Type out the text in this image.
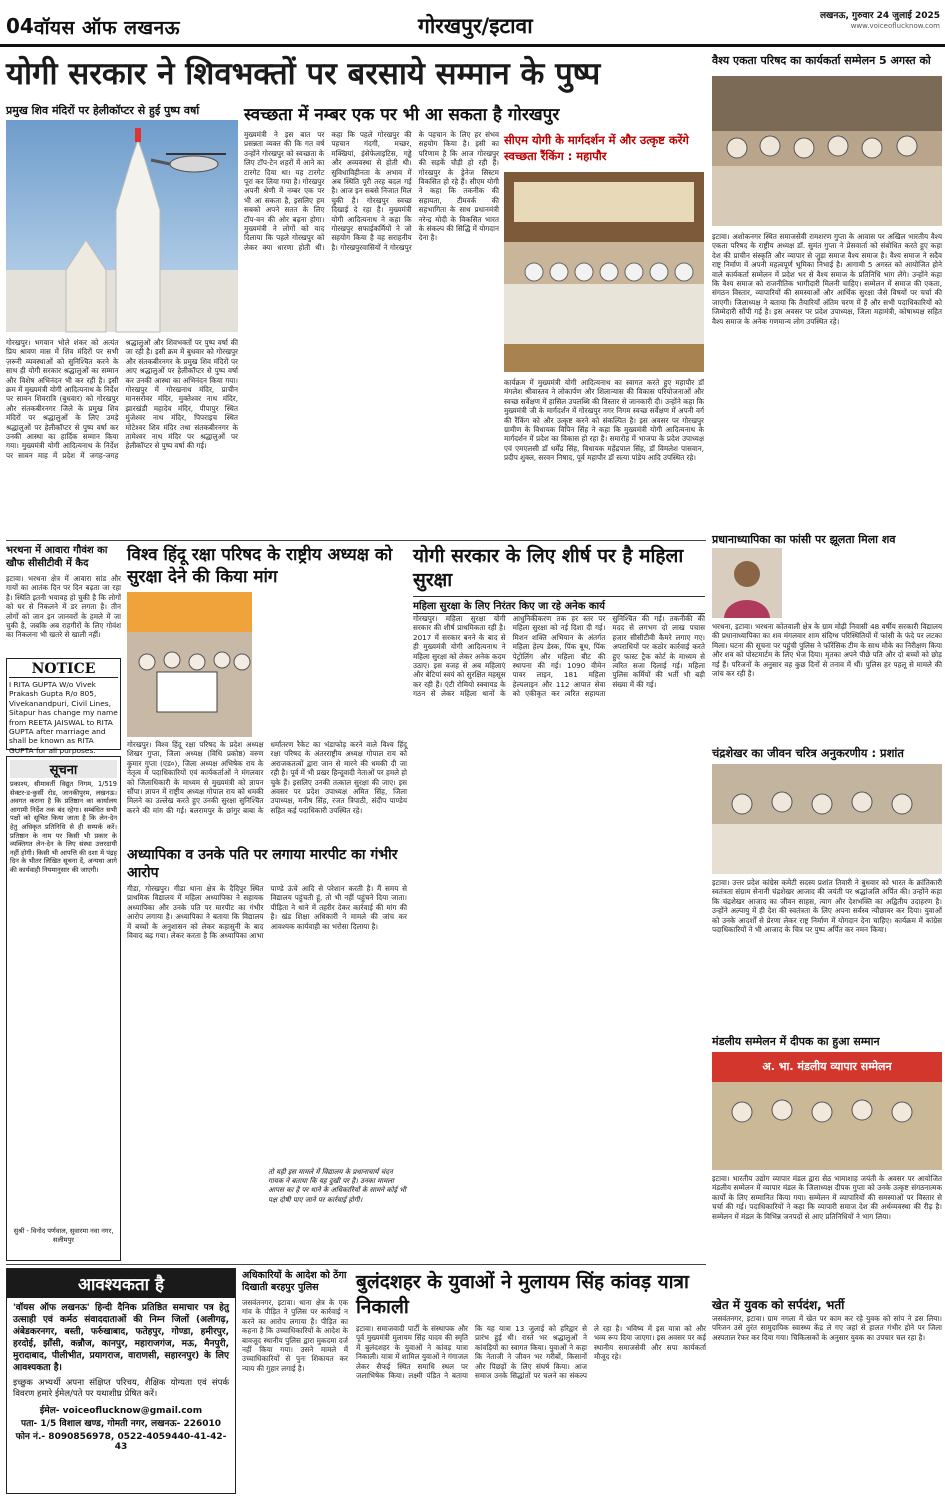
04 वॉयस ऑफ लखनऊ	गोरखपुर/इटावा	लखनऊ, गुरुवार 24 जुलाई 2025
www.voiceoflucknow.com
योगी सरकार ने शिवभक्तों पर बरसाये सम्मान के पुष्प
प्रमुख शिव मंदिरों पर हेलीकॉप्टर से हुई पुष्प वर्षा
गोरखपुर। भगवान भोले शंकर को अत्यंत प्रिय श्रावण मास में शिव मंदिरों पर सभी ज़रूरी व्यवस्थाओं को सुनिश्चित करने के साथ ही योगी सरकार श्रद्धालुओं का सम्मान और विशेष अभिनंदन भी कर रही है। इसी क्रम में मुख्यमंत्री योगी आदित्यनाथ के निर्देश पर सावन शिवरात्रि (बुधवार) को गोरखपुर और संतकबीरनगर जिले के प्रमुख शिव मंदिरों पर श्रद्धालुओं के लिए उमड़े श्रद्धालुओं पर हेलीकॉप्टर से पुष्प वर्षा कर उनकी आस्था का हार्दिक सम्मान किया गया। मुख्यमंत्री योगी आदित्यनाथ के निर्देश पर सावन माह में प्रदेश में जगह-जगह श्रद्धालुओं और शिवभक्तों पर पुष्प वर्षा की जा रही है। इसी क्रम में बुधवार को गोरखपुर और संतकबीरनगर के प्रमुख शिव मंदिरों पर आए श्रद्धालुओं पर हेलीकॉप्टर से पुष्प वर्षा कर उनकी आस्था का अभिनंदन किया गया। गोरखपुर में गोरखनाथ मंदिर, प्राचीन मानसरोवर मंदिर, मुक्तेश्वर नाथ मंदिर, झारखंडी महादेव मंदिर, पीपापुर स्थित मुंजेश्वर नाथ मंदिर, पिपराइच स्थित मोटेश्वर शिव मंदिर तथा संतकबीरनगर के तामेश्वर नाथ मंदिर पर श्रद्धालुओं पर हेलीकॉप्टर से पुष्प वर्षा की गई।
स्वच्छता में नम्बर एक पर भी आ सकता है गोरखपुर
मुख्यमंत्री ने इस बात पर प्रसन्नता व्यक्त की कि गत वर्ष उन्होंने गोरखपुर को स्वच्छता के लिए टॉप-टेन शहरों में आने का टारगेट दिया था। यह टारगेट पूरा कर लिया गया है। गोरखपुर अपनी श्रेणी में नम्बर एक पर भी आ सकता है, इसलिए हम सबको अपने सतत के लिए टॉप-वन की ओर बढ़ना होगा। मुख्यमंत्री ने लोगों को याद दिलाया कि पहले गोरखपुर को लेकर क्या धारणा होती थी। कहा कि पहले गोरखपुर की पहचान गंदगी, मच्छर, मक्खियां, इंसेफेलाइटिस, गड्ढे और अव्यवस्था से होती थी। सुविधाविहीनता के अभाव में अब स्थिति पूरी तरह बदल गई है। आज इन सबसे निजात मिल चुकी है। गोरखपुर स्वच्छ दिखाई दे रहा है। मुख्यमंत्री योगी आदित्यनाथ ने कहा कि गोरखपुर सफाईकर्मियों ने जो सहयोग किया है वह सराहनीय है। गोरखपुरवासियों ने गोरखपुर के पहचान के लिए हर संभव सहयोग किया है। इसी का परिणाम है कि आज गोरखपुर की सड़कें चौड़ी हो रही हैं। गोरखपुर के ड्रेनेज सिस्टम विकसित हो रहे हैं। सीएम योगी ने कहा कि तकनीक की सहायता, टीमवर्क की सहभागिता के साथ प्रधानमंत्री नरेन्द्र मोदी के विकसित भारत के संकल्प की सिद्धि में योगदान देना है।
सीएम योगी के मार्गदर्शन में और उत्कृष्ट करेंगे स्वच्छता रैंकिंग : महापौर
कार्यक्रम में मुख्यमंत्री योगी आदित्यनाथ का स्वागत करते हुए महापौर डॉ मंगलेश श्रीवास्तव ने लोकार्पण और शिलान्यास की विकास परियोजनाओं और स्वच्छ सर्वेक्षण में हासिल उपलब्धि की विस्तार से जानकारी दी। उन्होंने कहा कि मुख्यमंत्री जी के मार्गदर्शन में गोरखपुर नगर निगम स्वच्छ सर्वेक्षण में अपनी वर्ग की रैंकिंग को और उत्कृष्ट करने को संकल्पित है। इस अवसर पर गोरखपुर ग्रामीण के विधायक विपिन सिंह ने कहा कि मुख्यमंत्री योगी आदित्यनाथ के मार्गदर्शन में प्रदेश का विकास हो रहा है। समारोह में भाजपा के प्रदेश उपाध्यक्ष एवं एमएलसी डॉ धर्मेंद्र सिंह, विधायक महेंद्रपाल सिंह, डॉ विमलेश पासवान, प्रदीप शुक्ल, सरवन निषाद, पूर्व महापौर डॉ सत्या पांडेय आदि उपस्थित रहे।
वैश्य एकता परिषद का कार्यकर्ता सम्मेलन 5 अगस्त को
इटावा। अशोकनगर स्थित समाजसेवी रामशरण गुप्ता के आवास पर अखिल भारतीय वैश्य एकता परिषद के राष्ट्रीय अध्यक्ष डॉ. सुमंत गुप्ता ने प्रेसवार्ता को संबोधित करते हुए कहा देश की प्राचीन संस्कृति और व्यापार से जुड़ा समाज वैश्य समाज है। वैश्य समाज ने सदैव राष्ट्र निर्माण में अपनी महत्वपूर्ण भूमिका निभाई है। आगामी 5 अगस्त को आयोजित होने वाले कार्यकर्ता सम्मेलन में प्रदेश भर से वैश्य समाज के प्रतिनिधि भाग लेंगे। उन्होंने कहा कि वैश्य समाज को राजनीतिक भागीदारी मिलनी चाहिए। सम्मेलन में समाज की एकता, संगठन विस्तार, व्यापारियों की समस्याओं और आर्थिक सुरक्षा जैसे विषयों पर चर्चा की जाएगी। जिलाध्यक्ष ने बताया कि तैयारियाँ अंतिम चरण में हैं और सभी पदाधिकारियों को जिम्मेदारी सौंपी गई है। इस अवसर पर प्रदेश उपाध्यक्ष, जिला महामंत्री, कोषाध्यक्ष सहित वैश्य समाज के अनेक गणमान्य लोग उपस्थित रहे।
भरथना में आवारा गौवंश का खौफ सीसीटीवी में कैद
इटावा। भरथना क्षेत्र में आवारा सांड और गायों का आतंक दिन पर दिन बढ़ता जा रहा है। स्थिति इतनी भयावह हो चुकी है कि लोगों को घर से निकलने में डर लगता है। तीन लोगों को जान इन जानवरों के हमले में जा चुकी है, जबकि अब राहगीरों के लिए गोवंश का निकलना भी खतरे से खाली नहीं।
NOTICE
I RITA GUPTA W/o Vivek Prakash Gupta R/o 805, Vivekanandpuri, Civil Lines, Sitapur has change my name from REETA JAISWAL to RITA GUPTA after marriage and shall be known as RITA GUPTA for all purposes.
सूचना
प्रकाश्य, सीमावर्ती विद्युत निगम, 1/519 सेक्टर-ड-कुर्सी रोड, जानकीपुरम, लखनऊ। अवगत कराना है कि प्रतिष्ठान का कार्यालय आगामी निर्देश तक बंद रहेगा। सम्बंधित सभी पक्षों को सूचित किया जाता है कि लेन-देन हेतु अधिकृत प्रतिनिधि से ही सम्पर्क करें। प्रतिष्ठान के नाम पर किसी भी प्रकार के व्यक्तिगत लेन-देन के लिए संस्था उत्तरदायी नहीं होगी। किसी भी आपत्ति की दशा में पंद्रह दिन के भीतर लिखित सूचना दें, अन्यथा आगे की कार्यवाही नियमानुसार की जाएगी।
सुश्री - विनोद पर्णवाल, सुवारमा नवा नगर, सलीमपुर
विश्व हिंदू रक्षा परिषद के राष्ट्रीय अध्यक्ष को सुरक्षा देने की किया मांग
गोरखपुर। विश्व हिंदू रक्षा परिषद के प्रदेश अध्यक्ष शिखर गुप्ता, जिला अध्यक्ष (विधि प्रकोष्ठ) वरुण कुमार गुप्ता (एड०), जिला अध्यक्ष अभिषेक राय के नेतृत्व में पदाधिकारियों एवं कार्यकर्ताओं ने मंगलवार को जिलाधिकारी के माध्यम से मुख्यमंत्री को ज्ञापन सौंपा। ज्ञापन में राष्ट्रीय अध्यक्ष गोपाल राय को धमकी मिलने का उल्लेख करते हुए उनकी सुरक्षा सुनिश्चित करने की मांग की गई। बलरामपुर के छांगुर बाबा के धर्मांतरण रैकेट का भंडाफोड़ करने वाले विश्व हिंदू रक्षा परिषद के अंतरराष्ट्रीय अध्यक्ष गोपाल राय को अराजकतत्वों द्वारा जान से मारने की धमकी दी जा रही है। पूर्व में भी प्रखर हिन्दूवादी नेताओं पर हमले हो चुके हैं। इसलिए उनकी तत्काल सुरक्षा की जाए। इस अवसर पर प्रदेश उपाध्यक्ष अमित सिंह, जिला उपाध्यक्ष, मनीष सिंह, रजत त्रिपाठी, संदीप पाण्डेय सहित कई पदाधिकारी उपस्थित रहे।
अध्यापिका व उनके पति पर लगाया मारपीट का गंभीर आरोप
गीडा, गोरखपुर। गीडा थाना क्षेत्र के दैदिपुर स्थित प्राथमिक विद्यालय में महिला अध्यापिका ने सहायक अध्यापिका और उनके पति पर मारपीट का गंभीर आरोप लगाया है। अध्यापिका ने बताया कि विद्यालय में बच्चों के अनुशासन को लेकर कहासुनी के बाद विवाद बढ़ गया। लेकर करता है कि अध्यापिका आभा पाण्डे ऊंचे आदि से परेशान करती है। मैं समय से विद्यालय पहुंचती हूं, तो भी नहीं पहुंचने दिया जाता। पीड़िता ने थाने में तहरीर देकर कार्रवाई की मांग की है। खंड शिक्षा अधिकारी ने मामले की जांच कर आवश्यक कार्यवाही का भरोसा दिलाया है।
तो यही इस मामले में विद्यालय के प्रधानाचार्य चंदन गायक ने बताया कि यह दुखी पर है। उनका मामला आपस का है पर थाने के अधिकारियों के सामने कोई भी पक्ष दोषी पाए जाने पर कार्रवाई होगी।
योगी सरकार के लिए शीर्ष पर है महिला सुरक्षा
महिला सुरक्षा के लिए निरंतर किए जा रहे अनेक कार्य
गोरखपुर। महिला सुरक्षा योगी सरकार की शीर्ष प्राथमिकता रही है। 2017 में सरकार बनने के बाद से ही मुख्यमंत्री योगी आदित्यनाथ ने महिला सुरक्षा को लेकर अनेक कदम उठाए। इस वजह से अब महिलाएं और बेटियां स्वयं को सुरक्षित महसूस कर रही हैं। एंटी रोमियो स्क्वायड के गठन से लेकर महिला थानों के आधुनिकीकरण तक हर स्तर पर महिला सुरक्षा को नई दिशा दी गई। मिशन शक्ति अभियान के अंतर्गत महिला हेल्प डेस्क, पिंक बूथ, पिंक पेट्रोलिंग और महिला बीट की स्थापना की गई। 1090 वीमेन पावर लाइन, 181 महिला हेल्पलाइन और 112 आपात सेवा को एकीकृत कर त्वरित सहायता सुनिश्चित की गई। तकनीकी की मदद से लगभग दो लाख पचास हजार सीसीटीवी कैमरे लगाए गए। अपराधियों पर कठोर कार्रवाई करते हुए फास्ट ट्रैक कोर्ट के माध्यम से त्वरित सजा दिलाई गई। महिला पुलिस कर्मियों की भर्ती भी बड़ी संख्या में की गई।
प्रधानाध्यापिका का फांसी पर झूलता मिला शव
भरथना, इटावा। भरथना कोतवाली क्षेत्र के ग्राम मोढ़ी निवासी 48 वर्षीय सरकारी विद्यालय की प्रधानाध्यापिका का शव मंगलवार शाम संदिग्ध परिस्थितियों में फांसी के फंदे पर लटका मिला। घटना की सूचना पर पहुंची पुलिस ने फॉरेंसिक टीम के साथ मौके का निरीक्षण किया और शव को पोस्टमार्टम के लिए भेज दिया। मृतका अपने पीछे पति और दो बच्चों को छोड़ गई हैं। परिजनों के अनुसार वह कुछ दिनों से तनाव में थीं। पुलिस हर पहलू से मामले की जांच कर रही है।
चंद्रशेखर का जीवन चरित्र अनुकरणीय : प्रशांत
इटावा। उत्तर प्रदेश कांग्रेस कमेटी सदस्य प्रशांत तिवारी ने बुधवार को भारत के क्रांतिकारी स्वतंत्रता संग्राम सेनानी चंद्रशेखर आजाद की जयंती पर श्रद्धांजलि अर्पित की। उन्होंने कहा कि चंद्रशेखर आजाद का जीवन साहस, त्याग और देशभक्ति का अद्वितीय उदाहरण है। उन्होंने अल्पायु में ही देश की स्वतंत्रता के लिए अपना सर्वस्व न्यौछावर कर दिया। युवाओं को उनके आदर्शों से प्रेरणा लेकर राष्ट्र निर्माण में योगदान देना चाहिए। कार्यक्रम में कांग्रेस पदाधिकारियों ने भी आजाद के चित्र पर पुष्प अर्पित कर नमन किया।
मंडलीय सम्मेलन में दीपक का हुआ सम्मान
अ. भा. मंडलीय व्यापार सम्मेलन
इटावा। भारतीय उद्योग व्यापार मंडल द्वारा सेठ भामाशाह जयंती के अवसर पर आयोजित मंडलीय सम्मेलन में व्यापार मंडल के जिलाध्यक्ष दीपक गुप्ता को उनके उत्कृष्ट संगठनात्मक कार्यों के लिए सम्मानित किया गया। सम्मेलन में व्यापारियों की समस्याओं पर विस्तार से चर्चा की गई। पदाधिकारियों ने कहा कि व्यापारी समाज देश की अर्थव्यवस्था की रीढ़ है। सम्मेलन में मंडल के विभिन्न जनपदों से आए प्रतिनिधियों ने भाग लिया।
खेत में युवक को सर्पदंश, भर्ती
जसवंतनगर, इटावा। ग्राम नगला में खेत पर काम कर रहे युवक को सांप ने डस लिया। परिजन उसे तुरंत सामुदायिक स्वास्थ्य केंद्र ले गए जहां से हालत गंभीर होने पर जिला अस्पताल रेफर कर दिया गया। चिकित्सकों के अनुसार युवक का उपचार चल रहा है।
आवश्यकता है
'वॉयस ऑफ लखनऊ' हिन्दी दैनिक प्रतिष्ठित समाचार पत्र हेतु उत्साही एवं कर्मठ संवाददाताओं की निम्न जिलों (अलीगढ़, अंबेडकरनगर, बस्ती, फर्रुखाबाद, फतेहपुर, गोण्डा, हमीरपुर, हरदोई, झाँसी, कन्नौज, कानपुर, महाराजगंज, मऊ, मैनपुरी, मुरादाबाद, पीलीभीत, प्रयागराज, वाराणसी, सहारनपुर) के लिए आवश्यकता है।
इच्छुक अभ्यर्थी अपना संक्षिप्त परिचय, शैक्षिक योग्यता एवं संपर्क विवरण हमारे ईमेल/पते पर यथाशीघ्र प्रेषित करें।
ईमेल- voiceoflucknow@gmail.com
पता- 1/5 विशाल खण्ड, गोमती नगर, लखनऊ- 226010
फोन नं.- 8090856978, 0522-4059440-41-42-43
अधिकारियों के आदेश को ठेंगा दिखाती बरहपुर पुलिस
जसवंतनगर, इटावा। थाना क्षेत्र के एक गांव के पीड़ित ने पुलिस पर कार्रवाई न करने का आरोप लगाया है। पीड़ित का कहना है कि उच्चाधिकारियों के आदेश के बावजूद स्थानीय पुलिस द्वारा मुकदमा दर्ज नहीं किया गया। उसने मामले में उच्चाधिकारियों से पुनः शिकायत कर न्याय की गुहार लगाई है।
बुलंदशहर के युवाओं ने मुलायम सिंह कांवड़ यात्रा निकाली
इटावा। समाजवादी पार्टी के संस्थापक और पूर्व मुख्यमंत्री मुलायम सिंह यादव की स्मृति में बुलंदशहर के युवाओं ने कांवड़ यात्रा निकाली। यात्रा में शामिल युवाओं ने गंगाजल लेकर सैफई स्थित समाधि स्थल पर जलाभिषेक किया। लक्ष्मी पंडित ने बताया कि यह यात्रा 13 जुलाई को हरिद्वार से प्रारंभ हुई थी। रास्ते भर श्रद्धालुओं ने कांवड़ियों का स्वागत किया। युवाओं ने कहा कि नेताजी ने जीवन भर गरीबों, किसानों और पिछड़ों के लिए संघर्ष किया। आज समाज उनके सिद्धांतों पर चलने का संकल्प ले रहा है। भविष्य में इस यात्रा को और भव्य रूप दिया जाएगा। इस अवसर पर कई स्थानीय समाजसेवी और सपा कार्यकर्ता मौजूद रहे।
